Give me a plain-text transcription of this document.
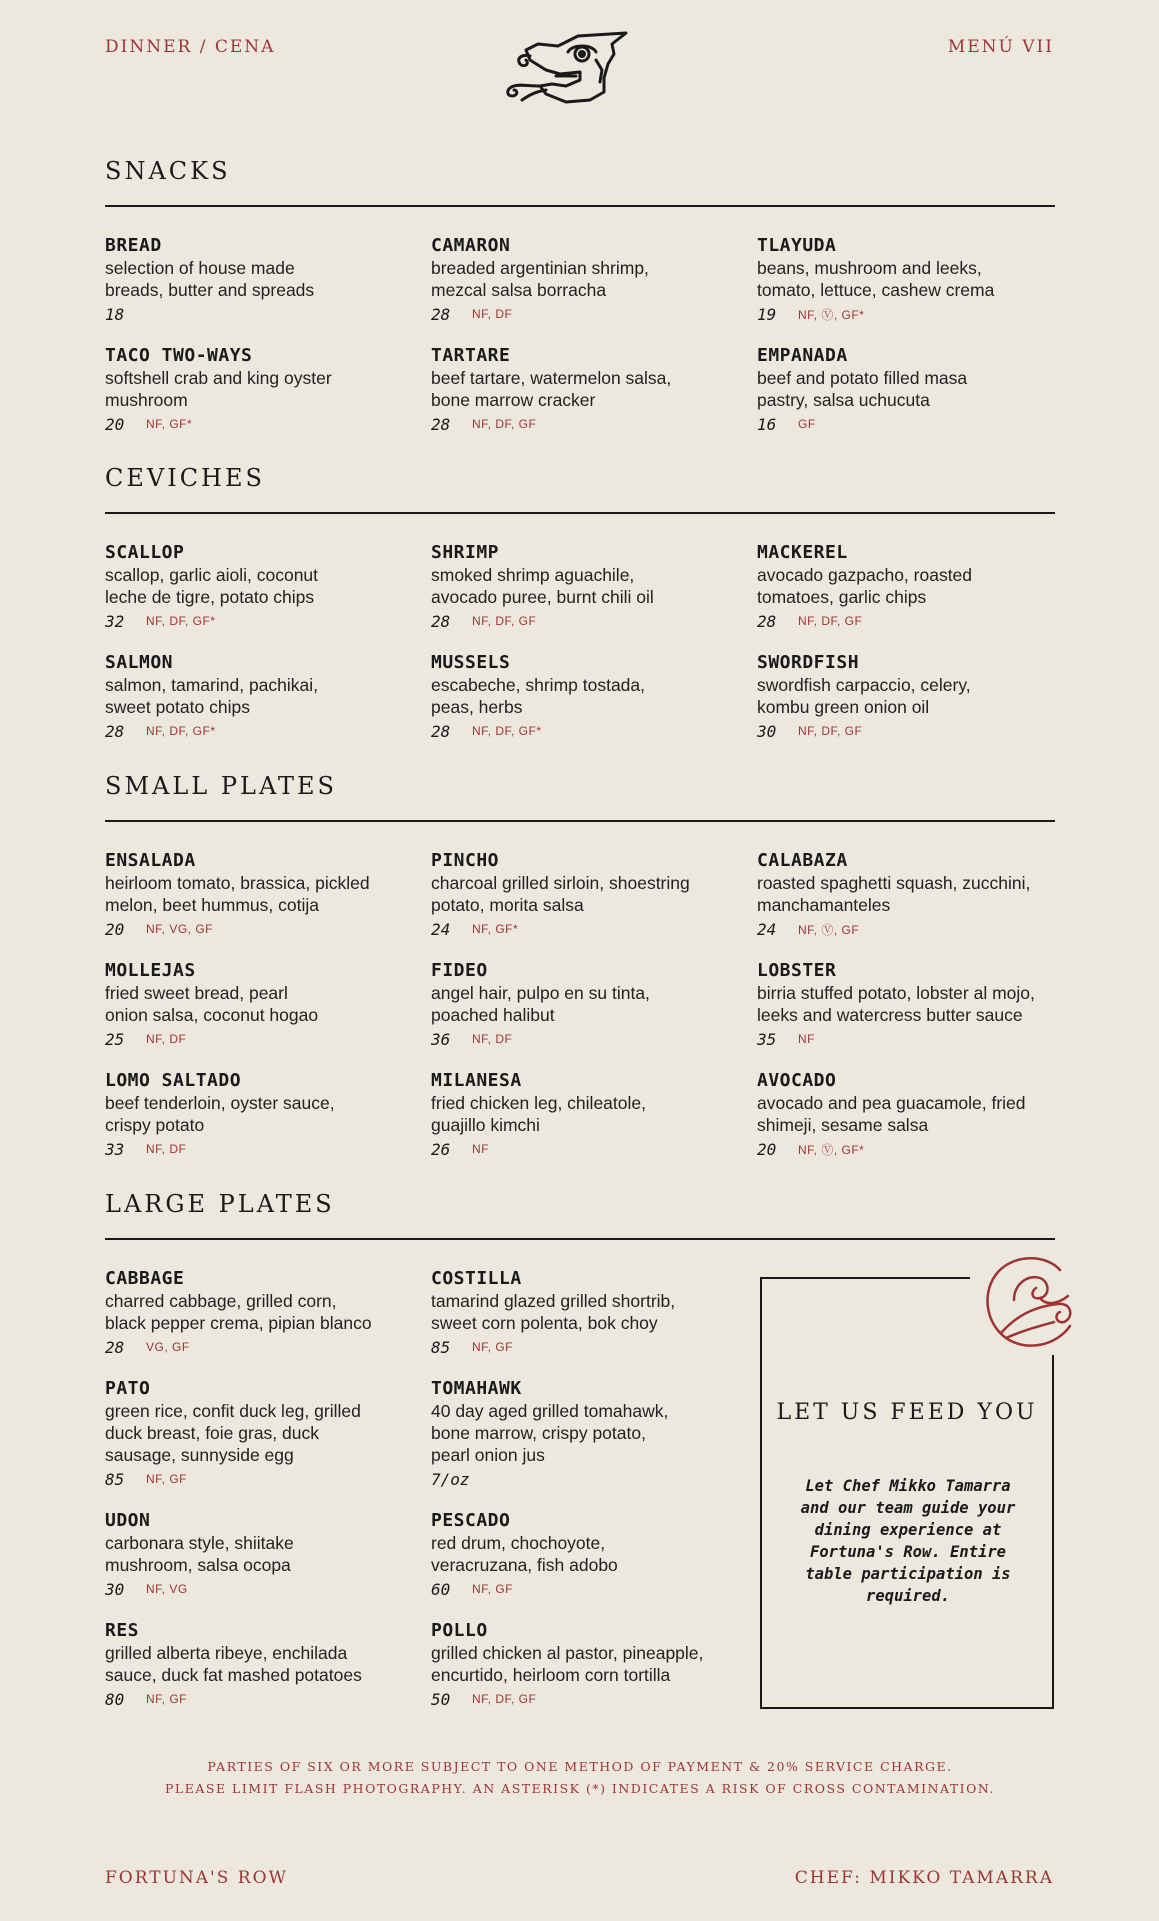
DINNER / CENA	MENÚ VII
SNACKS
BREAD
selection of house made
breads, butter and spreads
18
CAMARON
breaded argentinian shrimp,
mezcal salsa borracha
28	NF, DF
TLAYUDA
beans, mushroom and leeks,
tomato, lettuce, cashew crema
19	NF, Ⓥ, GF*
TACO TWO-WAYS
softshell crab and king oyster
mushroom
20	NF, GF*
TARTARE
beef tartare, watermelon salsa,
bone marrow cracker
28	NF, DF, GF
EMPANADA
beef and potato filled masa
pastry, salsa uchucuta
16	GF
CEVICHES
SCALLOP
scallop, garlic aioli, coconut
leche de tigre, potato chips
32	NF, DF, GF*
SHRIMP
smoked shrimp aguachile,
avocado puree, burnt chili oil
28	NF, DF, GF
MACKEREL
avocado gazpacho, roasted
tomatoes, garlic chips
28	NF, DF, GF
SALMON
salmon, tamarind, pachikai,
sweet potato chips
28	NF, DF, GF*
MUSSELS
escabeche, shrimp tostada,
peas, herbs
28	NF, DF, GF*
SWORDFISH
swordfish carpaccio, celery,
kombu green onion oil
30	NF, DF, GF
SMALL PLATES
ENSALADA
heirloom tomato, brassica, pickled
melon, beet hummus, cotija
20	NF, VG, GF
PINCHO
charcoal grilled sirloin, shoestring
potato, morita salsa
24	NF, GF*
CALABAZA
roasted spaghetti squash, zucchini,
manchamanteles
24	NF, Ⓥ, GF
MOLLEJAS
fried sweet bread, pearl
onion salsa, coconut hogao
25	NF, DF
FIDEO
angel hair, pulpo en su tinta,
poached halibut
36	NF, DF
LOBSTER
birria stuffed potato, lobster al mojo,
leeks and watercress butter sauce
35	NF
LOMO SALTADO
beef tenderloin, oyster sauce,
crispy potato
33	NF, DF
MILANESA
fried chicken leg, chileatole,
guajillo kimchi
26	NF
AVOCADO
avocado and pea guacamole, fried
shimeji, sesame salsa
20	NF, Ⓥ, GF*
LARGE PLATES
CABBAGE
charred cabbage, grilled corn,
black pepper crema, pipian blanco
28	VG, GF
COSTILLA
tamarind glazed grilled shortrib,
sweet corn polenta, bok choy
85	NF, GF
PATO
green rice, confit duck leg, grilled
duck breast, foie gras, duck
sausage, sunnyside egg
85	NF, GF
TOMAHAWK
40 day aged grilled tomahawk,
bone marrow, crispy potato,
pearl onion jus
7/oz
UDON
carbonara style, shiitake
mushroom, salsa ocopa
30	NF, VG
PESCADO
red drum, chochoyote,
veracruzana, fish adobo
60	NF, GF
RES
grilled alberta ribeye, enchilada
sauce, duck fat mashed potatoes
80	NF, GF
POLLO
grilled chicken al pastor, pineapple,
encurtido, heirloom corn tortilla
50	NF, DF, GF
LET US FEED YOU
Let Chef Mikko Tamarra
and our team guide your
dining experience at
Fortuna's Row. Entire
table participation is
required.
PARTIES OF SIX OR MORE SUBJECT TO ONE METHOD OF PAYMENT & 20% SERVICE CHARGE.
PLEASE LIMIT FLASH PHOTOGRAPHY. AN ASTERISK (*) INDICATES A RISK OF CROSS CONTAMINATION.
FORTUNA'S ROW	CHEF: MIKKO TAMARRA
